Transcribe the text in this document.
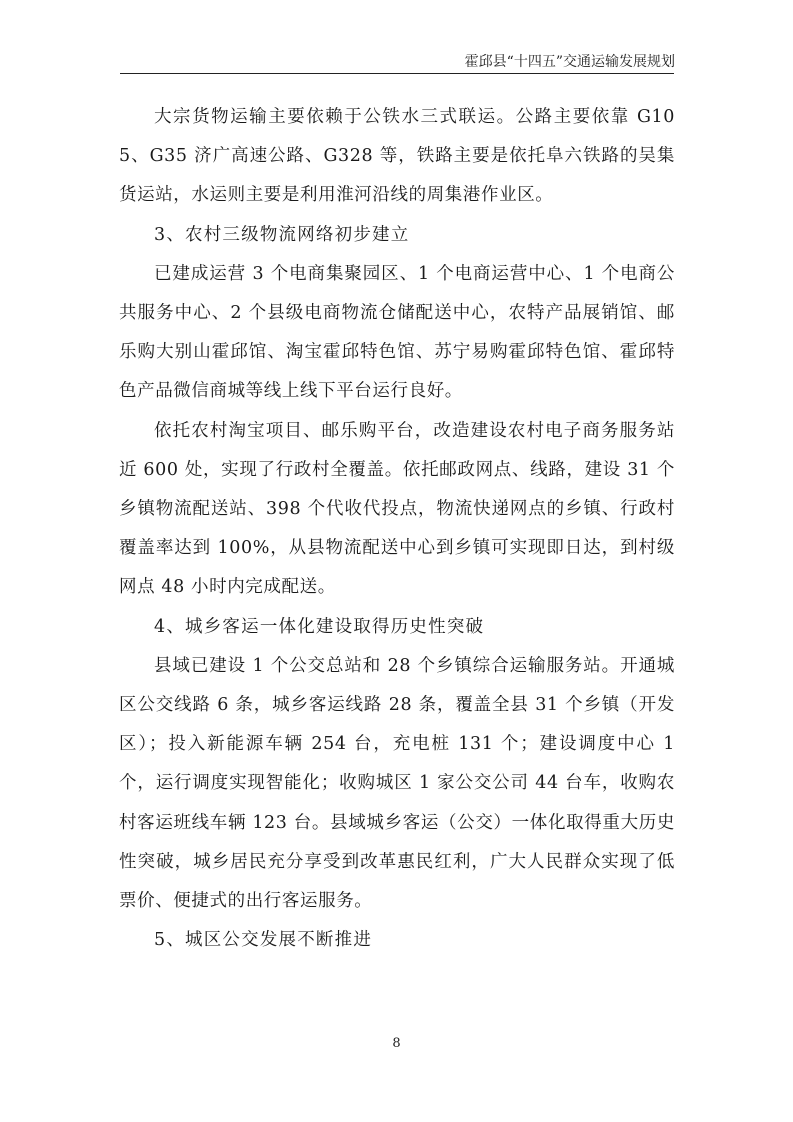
霍邱县“十四五”交通运输发展规划

大宗货物运输主要依赖于公铁水三式联运。公路主要依靠 G105、G35 济广高速公路、G328 等，铁路主要是依托阜六铁路的吴集货运站，水运则主要是利用淮河沿线的周集港作业区。

3、农村三级物流网络初步建立

已建成运营 3 个电商集聚园区、1 个电商运营中心、1 个电商公共服务中心、2 个县级电商物流仓储配送中心，农特产品展销馆、邮乐购大别山霍邱馆、淘宝霍邱特色馆、苏宁易购霍邱特色馆、霍邱特色产品微信商城等线上线下平台运行良好。

依托农村淘宝项目、邮乐购平台，改造建设农村电子商务服务站近 600 处，实现了行政村全覆盖。依托邮政网点、线路，建设 31 个乡镇物流配送站、398 个代收代投点，物流快递网点的乡镇、行政村覆盖率达到 100%，从县物流配送中心到乡镇可实现即日达，到村级网点 48 小时内完成配送。

4、城乡客运一体化建设取得历史性突破

县域已建设 1 个公交总站和 28 个乡镇综合运输服务站。开通城区公交线路 6 条，城乡客运线路 28 条，覆盖全县 31 个乡镇（开发区）；投入新能源车辆 254 台，充电桩 131 个；建设调度中心 1 个，运行调度实现智能化；收购城区 1 家公交公司 44 台车，收购农村客运班线车辆 123 台。县域城乡客运（公交）一体化取得重大历史性突破，城乡居民充分享受到改革惠民红利，广大人民群众实现了低票价、便捷式的出行客运服务。

5、城区公交发展不断推进

8
